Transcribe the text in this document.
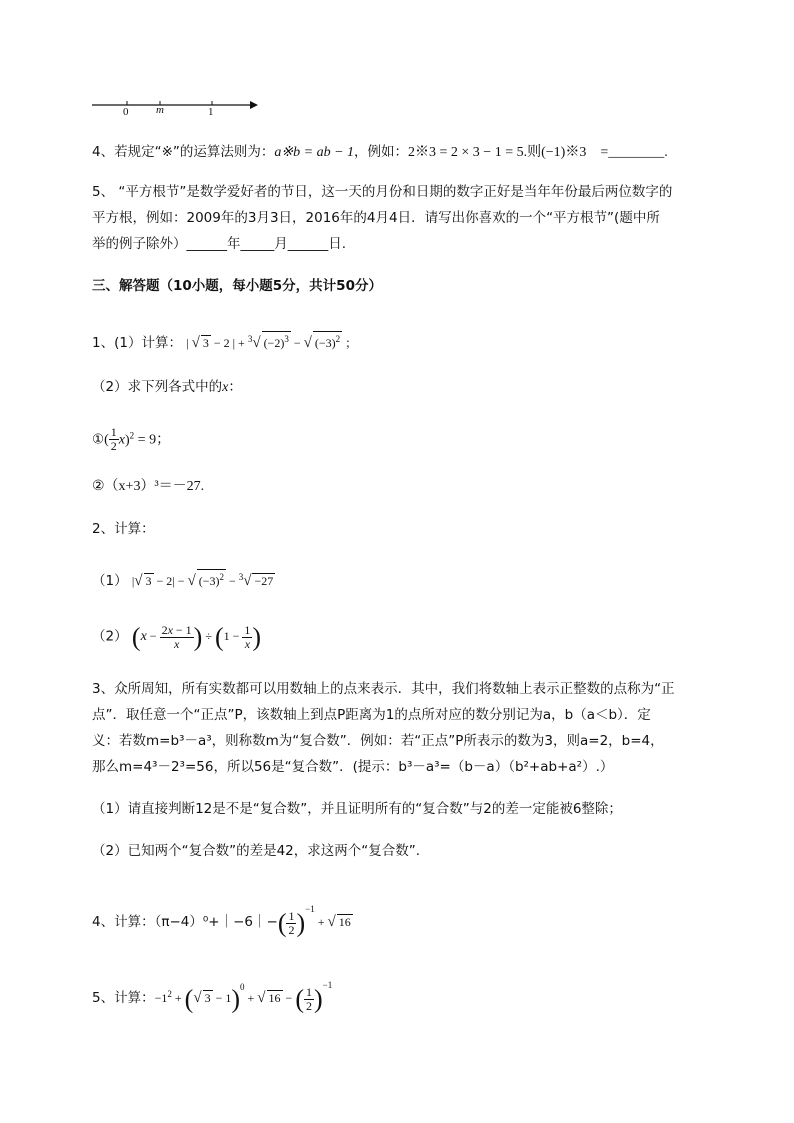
0	m	1
4、若规定“※”的运算法则为：a※b = ab − 1，例如：2※3 = 2 × 3 − 1 = 5.则(−1)※3 =________.
5、 “平方根节”是数学爱好者的节日，这一天的月份和日期的数字正好是当年年份最后两位数字的
平方根，例如：2009年的3月3日，2016年的4月4日．请写出你喜欢的一个“平方根节”(题中所
举的例子除外）______年_____月______日.
三、解答题（10小题，每小题5分，共计50分）
1、(1）计算： | √ 3 − 2 | + $^3$√ $(-2)^3$ − √ $(-3)^2$ ；
（2）求下列各式中的x：
①( $\frac{1}{2} x)^2 = 9$；
②（x+3）³＝－27.
2、计算：
（1） |√ 3 − 2| − √ $(-3)^2 - ^3√ -27$
（2） ($x - \frac{2x - 1}{x}$ ) ÷ ($1 - \frac{1}{x}$ )
3、众所周知，所有实数都可以用数轴上的点来表示．其中，我们将数轴上表示正整数的点称为“正
点”．取任意一个“正点”P，该数轴上到点P距离为1的点所对应的数分别记为a，b（a＜b）．定
义：若数m=b³－a³，则称数m为“复合数”．例如：若“正点”P所表示的数为3，则a=2，b=4，
那么m=4³－2³=56，所以56是“复合数”．(提示：b³－a³=（b－a）（b²+ab+a²）.）
（1）请直接判断12是不是“复合数”，并且证明所有的“复合数”与2的差一定能被6整除；
（2）已知两个“复合数”的差是42，求这两个“复合数”.
4、计算：（π−4）⁰+｜−6｜−( $\frac{1}{2} )^{-1}$ + √ 16
5、计算：$-1^2$ + (√ 3 − 1)$^0$ + √ 16 − ( $\frac{1}{2} )^{-1}$
